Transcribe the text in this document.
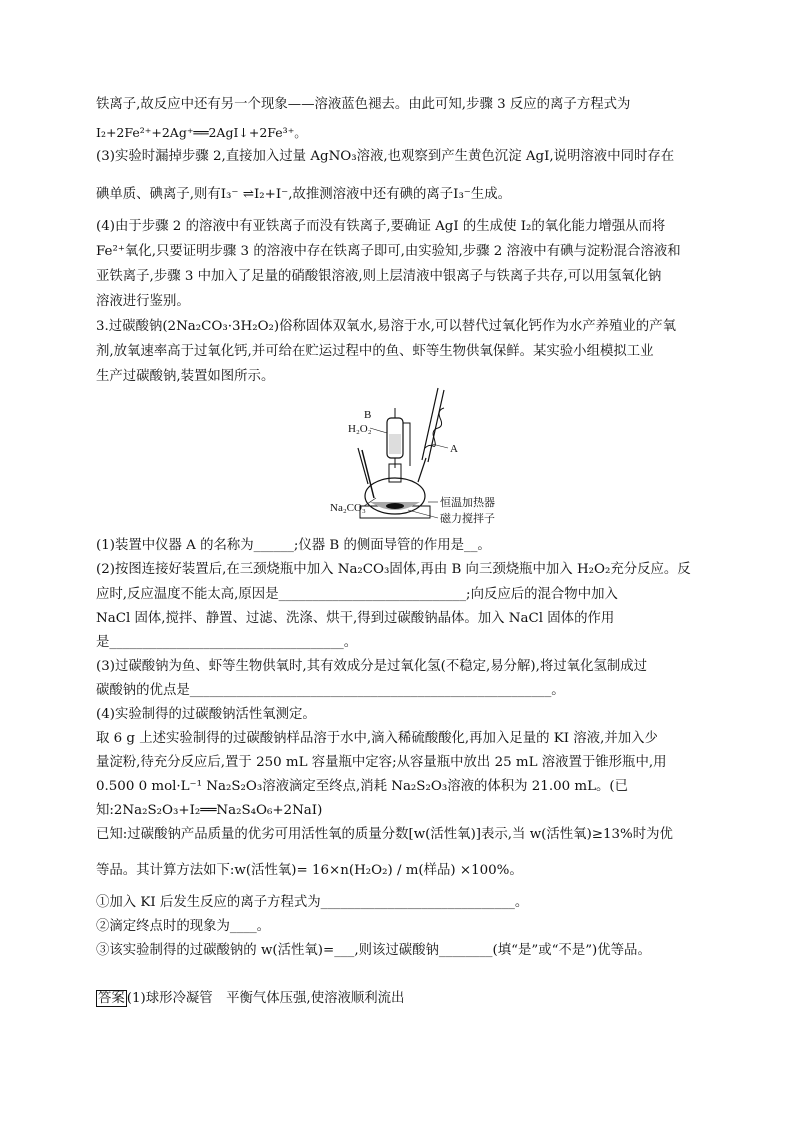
铁离子,故反应中还有另一个现象——溶液蓝色褪去。由此可知,步骤 3 反应的离子方程式为
I₂+2Fe²⁺+2Ag⁺══2AgI↓+2Fe³⁺。
(3)实验时漏掉步骤 2,直接加入过量 AgNO₃溶液,也观察到产生黄色沉淀 AgI,说明溶液中同时存在
碘单质、碘离子,则有I₃⁻ ⇌I₂+I⁻,故推测溶液中还有碘的离子I₃⁻生成。
(4)由于步骤 2 的溶液中有亚铁离子而没有铁离子,要确证 AgI 的生成使 I₂的氧化能力增强从而将
Fe²⁺氧化,只要证明步骤 3 的溶液中存在铁离子即可,由实验知,步骤 2 溶液中有碘与淀粉混合溶液和
亚铁离子,步骤 3 中加入了足量的硝酸银溶液,则上层清液中银离子与铁离子共存,可以用氢氧化钠
溶液进行鉴别。
3.过碳酸钠(2Na₂CO₃·3H₂O₂)俗称固体双氧水,易溶于水,可以替代过氧化钙作为水产养殖业的产氧
剂,放氧速率高于过氧化钙,并可给在贮运过程中的鱼、虾等生物供氧保鲜。某实验小组模拟工业
生产过碳酸钠,装置如图所示。
B
H₂O₂
A
Na₂CO₃	恒温加热器
磁力搅拌子
(1)装置中仪器 A 的名称为______;仪器 B 的侧面导管的作用是__。
(2)按图连接好装置后,在三颈烧瓶中加入 Na₂CO₃固体,再由 B 向三颈烧瓶中加入 H₂O₂充分反应。反
应时,反应温度不能太高,原因是____________________________;向反应后的混合物中加入
NaCl 固体,搅拌、静置、过滤、洗涤、烘干,得到过碳酸钠晶体。加入 NaCl 固体的作用
是___________________________________。
(3)过碳酸钠为鱼、虾等生物供氧时,其有效成分是过氧化氢(不稳定,易分解),将过氧化氢制成过
碳酸钠的优点是______________________________________________________。
(4)实验制得的过碳酸钠活性氧测定。
取 6 g 上述实验制得的过碳酸钠样品溶于水中,滴入稀硫酸酸化,再加入足量的 KI 溶液,并加入少
量淀粉,待充分反应后,置于 250 mL 容量瓶中定容;从容量瓶中放出 25 mL 溶液置于锥形瓶中,用
0.500 0 mol·L⁻¹ Na₂S₂O₃溶液滴定至终点,消耗 Na₂S₂O₃溶液的体积为 21.00 mL。(已
知:2Na₂S₂O₃+I₂══Na₂S₄O₆+2NaI)
已知:过碳酸钠产品质量的优劣可用活性氧的质量分数[w(活性氧)]表示,当 w(活性氧)≥13%时为优
等品。其计算方法如下:w(活性氧)= 16×n(H₂O₂) / m(样品) ×100%。
①加入 KI 后发生反应的离子方程式为_____________________________。
②滴定终点时的现象为____。
③该实验制得的过碳酸钠的 w(活性氧)=___,则该过碳酸钠________(填“是”或“不是”)优等品。
答案 (1)球形冷凝管　平衡气体压强,使溶液顺利流出
